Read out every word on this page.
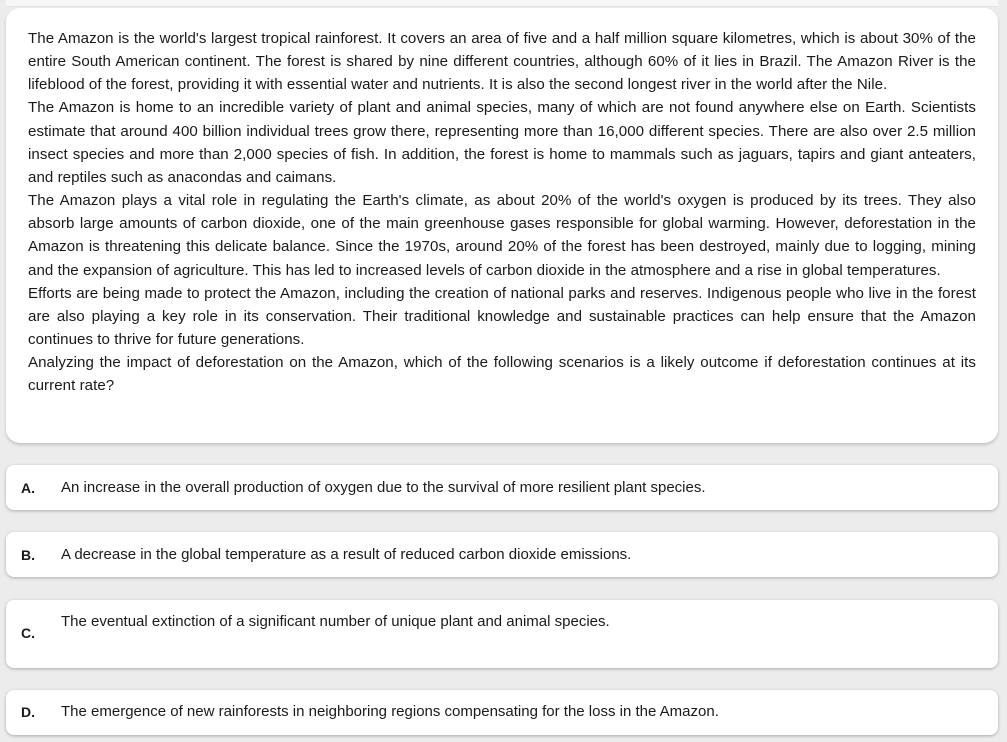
The Amazon is the world's largest tropical rainforest. It covers an area of five and a half million square kilometres, which is about 30% of the entire South American continent. The forest is shared by nine different countries, although 60% of it lies in Brazil. The Amazon River is the lifeblood of the forest, providing it with essential water and nutrients. It is also the second longest river in the world after the Nile.

The Amazon is home to an incredible variety of plant and animal species, many of which are not found anywhere else on Earth. Scientists estimate that around 400 billion individual trees grow there, representing more than 16,000 different species. There are also over 2.5 million insect species and more than 2,000 species of fish. In addition, the forest is home to mammals such as jaguars, tapirs and giant anteaters, and reptiles such as anacondas and caimans.

The Amazon plays a vital role in regulating the Earth's climate, as about 20% of the world's oxygen is produced by its trees. They also absorb large amounts of carbon dioxide, one of the main greenhouse gases responsible for global warming. However, deforestation in the Amazon is threatening this delicate balance. Since the 1970s, around 20% of the forest has been destroyed, mainly due to logging, mining and the expansion of agriculture. This has led to increased levels of carbon dioxide in the atmosphere and a rise in global temperatures.

Efforts are being made to protect the Amazon, including the creation of national parks and reserves. Indigenous people who live in the forest are also playing a key role in its conservation. Their traditional knowledge and sustainable practices can help ensure that the Amazon continues to thrive for future generations.

Analyzing the impact of deforestation on the Amazon, which of the following scenarios is a likely outcome if deforestation continues at its current rate?

A. An increase in the overall production of oxygen due to the survival of more resilient plant species.
B. A decrease in the global temperature as a result of reduced carbon dioxide emissions.
C.
The eventual extinction of a significant number of unique plant and animal species.
D. The emergence of new rainforests in neighboring regions compensating for the loss in the Amazon.
